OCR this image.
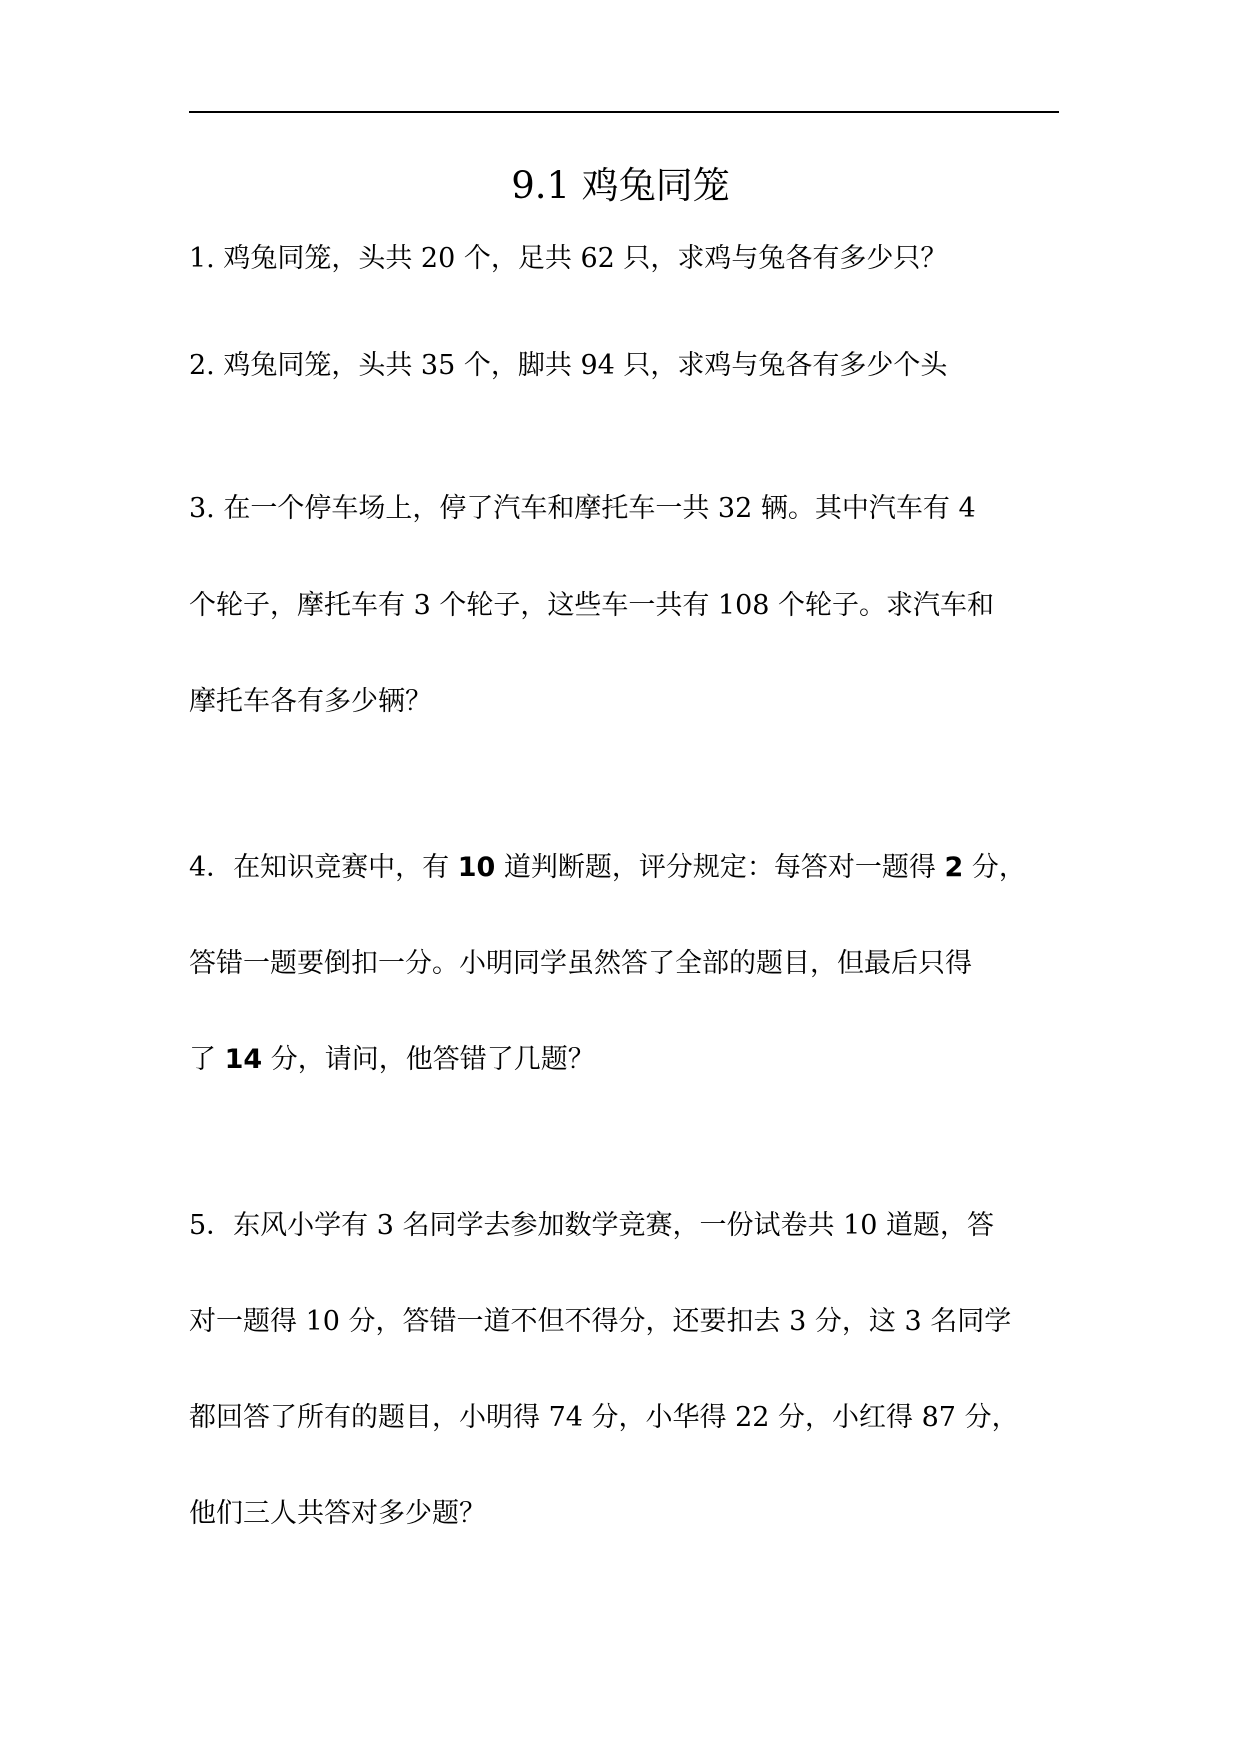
9.1 鸡兔同笼
1. 鸡兔同笼，头共 20 个，足共 62 只，求鸡与兔各有多少只？
2. 鸡兔同笼，头共 35 个，脚共 94 只，求鸡与兔各有多少个头
3. 在一个停车场上，停了汽车和摩托车一共 32 辆。其中汽车有 4
个轮子，摩托车有 3 个轮子，这些车一共有 108 个轮子。求汽车和
摩托车各有多少辆？
4．在知识竞赛中，有 10 道判断题，评分规定：每答对一题得 2 分，
答错一题要倒扣一分。小明同学虽然答了全部的题目，但最后只得
了 14 分，请问，他答错了几题？
5．东风小学有 3 名同学去参加数学竞赛，一份试卷共 10 道题，答
对一题得 10 分，答错一道不但不得分，还要扣去 3 分，这 3 名同学
都回答了所有的题目，小明得 74 分，小华得 22 分，小红得 87 分，
他们三人共答对多少题？
